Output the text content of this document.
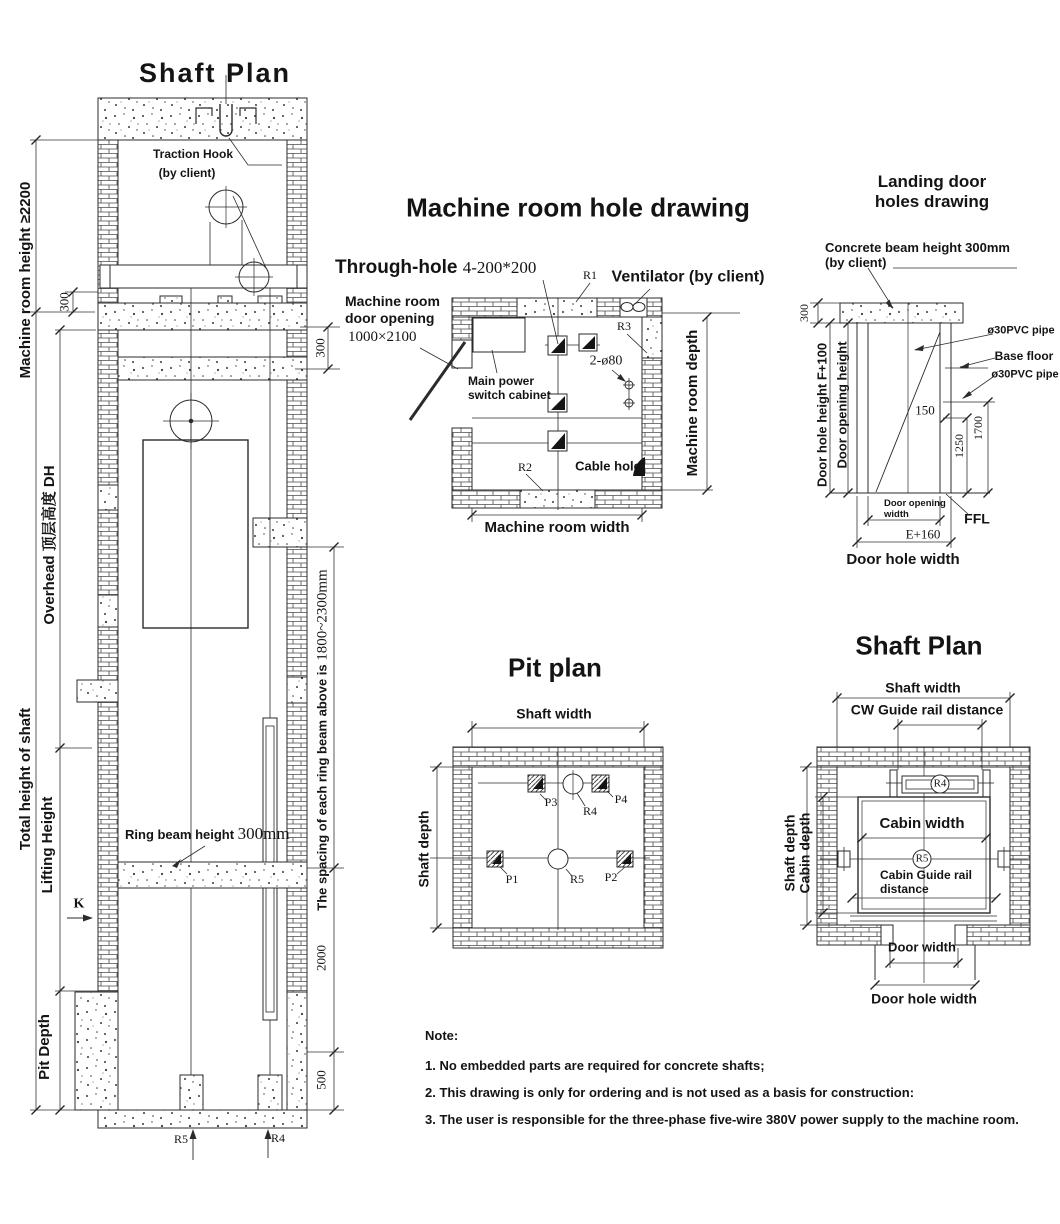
Shaft Plan
Machine room height ≥2200
Traction Hook
(by client)
300
300
Overhead 顶层高度 DH
Total height of shaft Lifting Height	Ring beam height 300mm The spacing of each ring beam above is 1800~2300mm
K
2000
500
Pit Depth
R5	R4
Machine room hole drawing
Through-hole 4-200*200	R1 Ventilator (by client)
Machine room
door opening
1000×2100
Main power
switch cabinet
R3
2-ø80
R2	Cable hole
Machine room width
Machine room depth
Landing door
holes drawing
Concrete beam height 300mm
(by client)
300
Door hole height F+100 Door opening height
ø30PVC pipe
Base floor
ø30PVC pipe
150
1250
1700
Door opening
width	FFL
E+160
Door hole width
Pit plan
Shaft width
Shaft depth
P3
R4
P4
P1	R5 P2
Shaft Plan
Shaft width
CW Guide rail distance
Shaft depth Cabin depth	Cabin width
R4
R5
Cabin Guide rail
distance
Door width
Door hole width
Note:
1. No embedded parts are required for concrete shafts;
2. This drawing is only for ordering and is not used as a basis for construction:
3. The user is responsible for the three-phase five-wire 380V power supply to the machine room.
